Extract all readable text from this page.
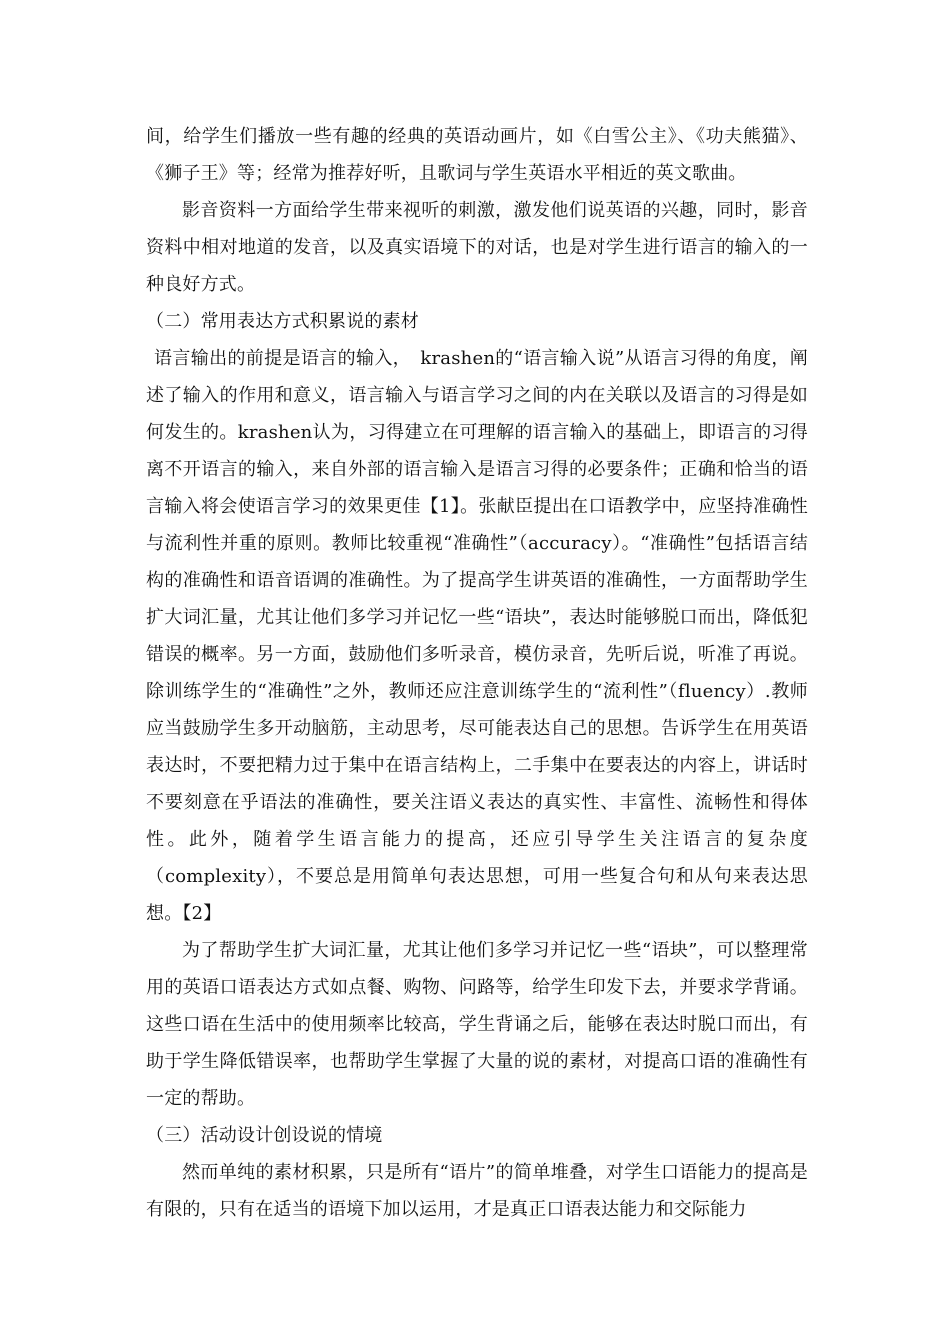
间，给学生们播放一些有趣的经典的英语动画片，如《白雪公主》、《功夫熊猫》、《狮子王》等；经常为推荐好听，且歌词与学生英语水平相近的英文歌曲。

影音资料一方面给学生带来视听的刺激，激发他们说英语的兴趣，同时，影音资料中相对地道的发音，以及真实语境下的对话，也是对学生进行语言的输入的一种良好方式。

（二）常用表达方式积累说的素材

语言输出的前提是语言的输入，　krashen的“语言输入说”从语言习得的角度，阐述了输入的作用和意义，语言输入与语言学习之间的内在关联以及语言的习得是如何发生的。krashen认为，习得建立在可理解的语言输入的基础上，即语言的习得离不开语言的输入，来自外部的语言输入是语言习得的必要条件；正确和恰当的语言输入将会使语言学习的效果更佳【1】。张献臣提出在口语教学中，应坚持准确性与流利性并重的原则。教师比较重视“准确性”（accuracy）。“准确性”包括语言结构的准确性和语音语调的准确性。为了提高学生讲英语的准确性，一方面帮助学生扩大词汇量，尤其让他们多学习并记忆一些“语块”，表达时能够脱口而出，降低犯错误的概率。另一方面，鼓励他们多听录音，模仿录音，先听后说，听准了再说。除训练学生的“准确性”之外，教师还应注意训练学生的“流利性”（fluency）.教师应当鼓励学生多开动脑筋，主动思考，尽可能表达自己的思想。告诉学生在用英语表达时，不要把精力过于集中在语言结构上，二手集中在要表达的内容上，讲话时不要刻意在乎语法的准确性，要关注语义表达的真实性、丰富性、流畅性和得体性。此外，随着学生语言能力的提高，还应引导学生关注语言的复杂度（complexity），不要总是用简单句表达思想，可用一些复合句和从句来表达思想。【2】

为了帮助学生扩大词汇量，尤其让他们多学习并记忆一些“语块”，可以整理常用的英语口语表达方式如点餐、购物、问路等，给学生印发下去，并要求学背诵。这些口语在生活中的使用频率比较高，学生背诵之后，能够在表达时脱口而出，有助于学生降低错误率，也帮助学生掌握了大量的说的素材，对提高口语的准确性有一定的帮助。

（三）活动设计创设说的情境

然而单纯的素材积累，只是所有“语片”的简单堆叠，对学生口语能力的提高是有限的，只有在适当的语境下加以运用，才是真正口语表达能力和交际能力
